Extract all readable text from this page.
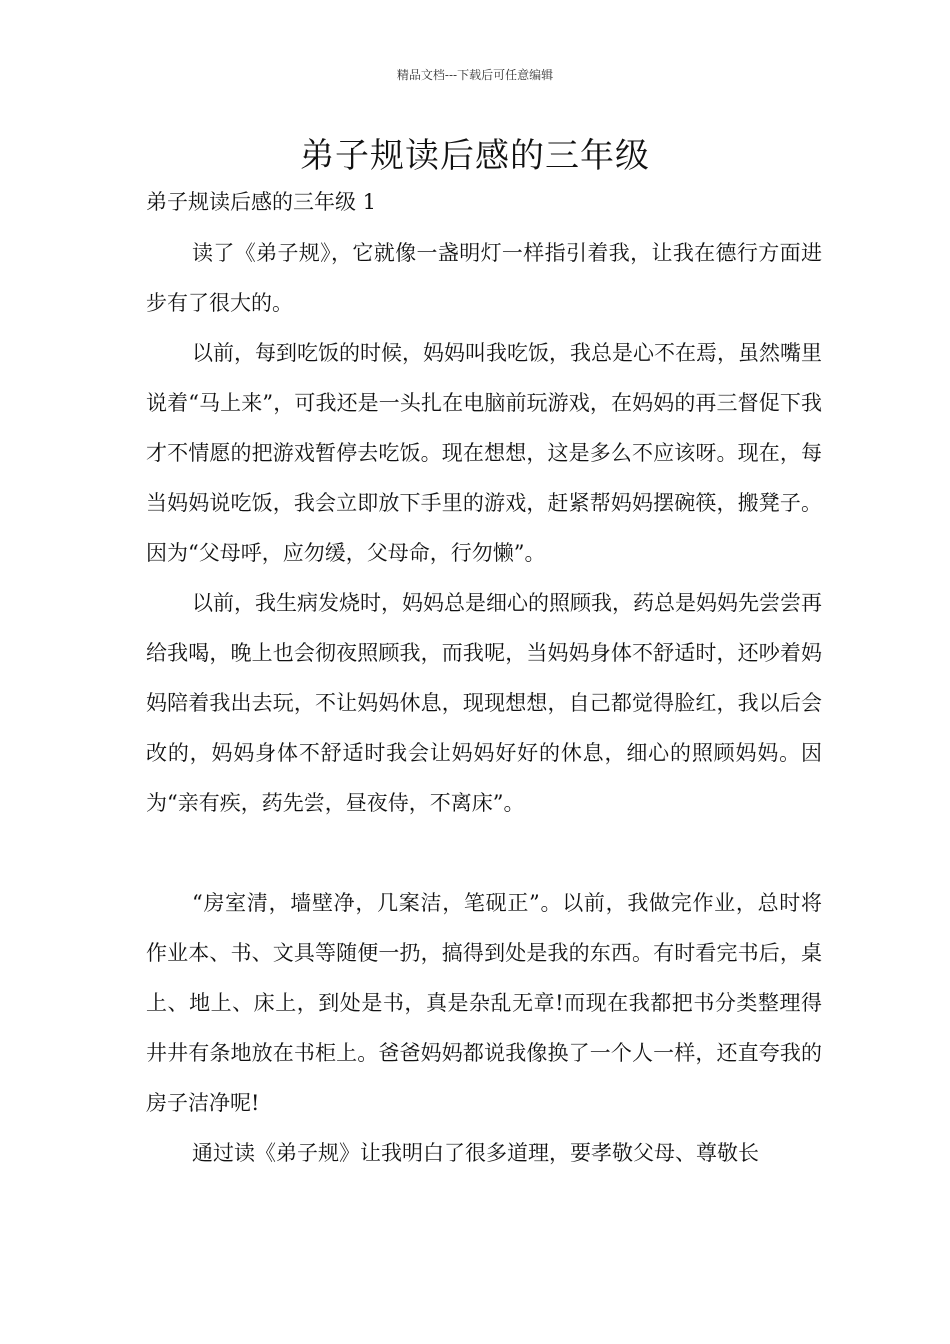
精品文档---下载后可任意编辑
弟子规读后感的三年级
弟子规读后感的三年级 1

读了《弟子规》，它就像一盏明灯一样指引着我，让我在德行方面进步有了很大的。

以前，每到吃饭的时候，妈妈叫我吃饭，我总是心不在焉，虽然嘴里说着“马上来”，可我还是一头扎在电脑前玩游戏，在妈妈的再三督促下我才不情愿的把游戏暂停去吃饭。现在想想，这是多么不应该呀。现在，每当妈妈说吃饭，我会立即放下手里的游戏，赶紧帮妈妈摆碗筷，搬凳子。因为“父母呼，应勿缓，父母命，行勿懒”。

以前，我生病发烧时，妈妈总是细心的照顾我，药总是妈妈先尝尝再给我喝，晚上也会彻夜照顾我，而我呢，当妈妈身体不舒适时，还吵着妈妈陪着我出去玩，不让妈妈休息，现现想想，自己都觉得脸红，我以后会改的，妈妈身体不舒适时我会让妈妈好好的休息，细心的照顾妈妈。因为“亲有疾，药先尝，昼夜侍，不离床”。

“房室清，墙壁净，几案洁，笔砚正”。以前，我做完作业，总时将作业本、书、文具等随便一扔，搞得到处是我的东西。有时看完书后，桌上、地上、床上，到处是书，真是杂乱无章!而现在我都把书分类整理得井井有条地放在书柜上。爸爸妈妈都说我像换了一个人一样，还直夸我的房子洁净呢!

通过读《弟子规》让我明白了很多道理，要孝敬父母、尊敬长
